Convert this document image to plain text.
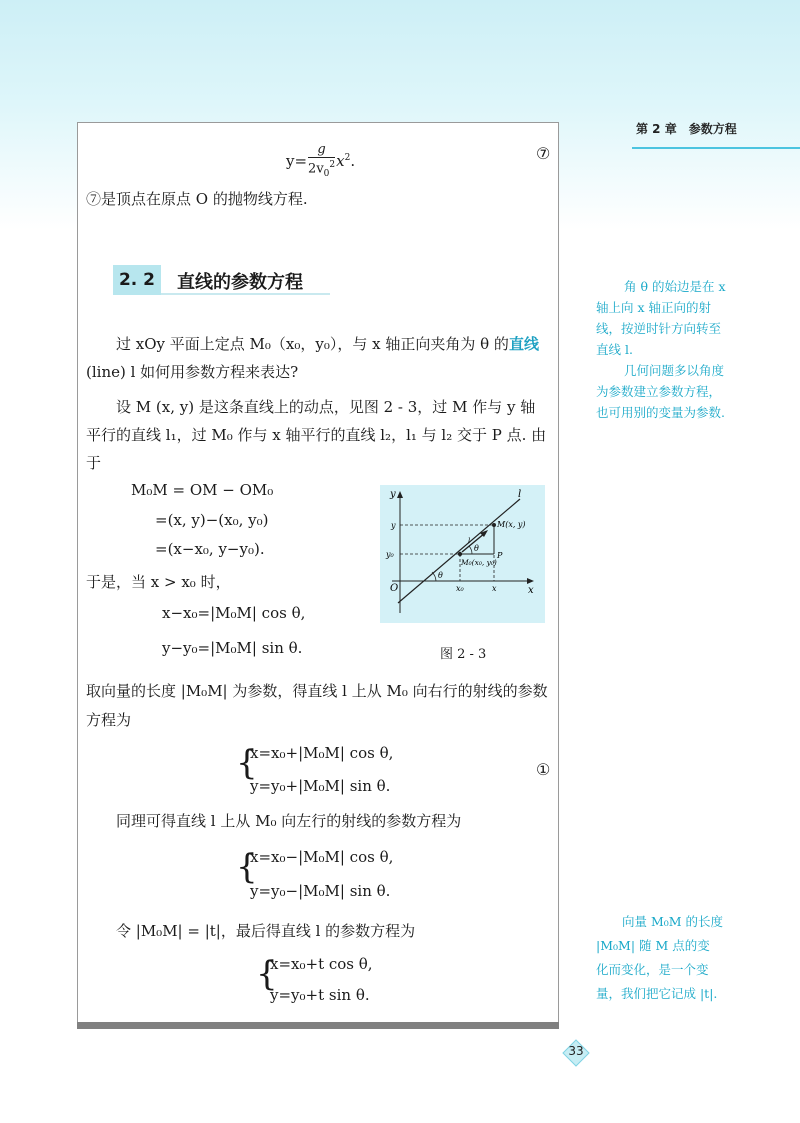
第 2 章　参数方程
$y= \frac{g}{2v_0^2} x^2$.	⑦
⑦是顶点在原点 O 的抛物线方程.
2. 2	直线的参数方程
过 xOy 平面上定点 M₀（x₀，y₀），与 x 轴正向夹角为 θ 的直线
(line) l 如何用参数方程来表达?
设 M (x, y) 是这条直线上的动点，见图 2 - 3，过 M 作与 y 轴
平行的直线 l₁，过 M₀ 作与 x 轴平行的直线 l₂，l₁ 与 l₂ 交于 P 点. 由
于
M₀M = OM − OM₀
=(x, y)−(x₀, y₀)
=(x−x₀, y−y₀).
于是，当 x > x₀ 时，
x−x₀=|M₀M| cos θ,
y−y₀=|M₀M| sin θ.
y
x
O
l
y
y₀
x₀	x
M(x, y)
M₀(x₀, y₀)
P
θ
θ
l
图 2 - 3
取向量的长度 |M₀M| 为参数，得直线 l 上从 M₀ 向右行的射线的参数
方程为
{
x=x₀+|M₀M| cos θ,
y=y₀+|M₀M| sin θ.
①
同理可得直线 l 上从 M₀ 向左行的射线的参数方程为
{
x=x₀−|M₀M| cos θ,
y=y₀−|M₀M| sin θ.
令 |M₀M| = |t|，最后得直线 l 的参数方程为
{
x=x₀+t cos θ,
y=y₀+t sin θ.
角 θ 的始边是在 x
轴上向 x 轴正向的射
线，按逆时针方向转至
直线 l.
几何问题多以角度
为参数建立参数方程，
也可用别的变量为参数.
向量 M₀M 的长度
|M₀M| 随 M 点的变
化而变化，是一个变
量，我们把它记成 |t|.
33
